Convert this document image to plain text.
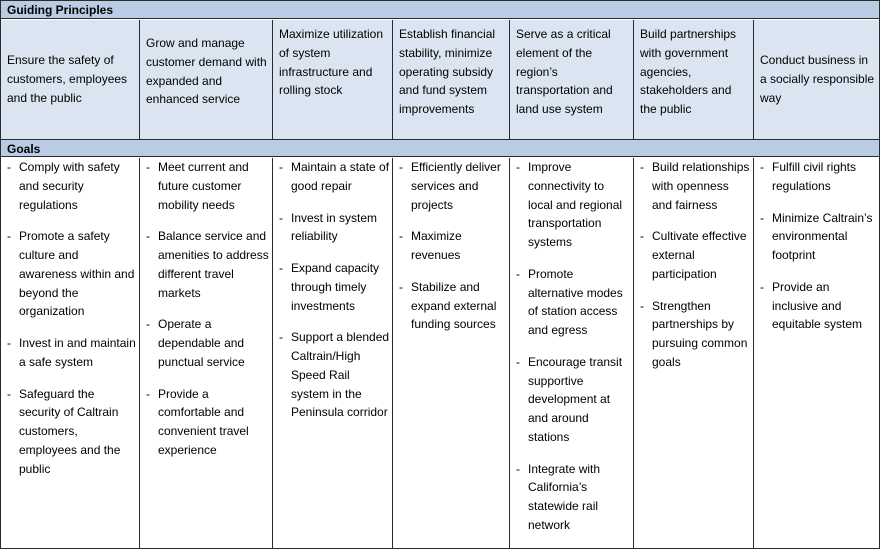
Guiding Principles
Ensure the safety of customers, employees and the public
Grow and manage customer demand with expanded and enhanced service
Maximize utilization of system infrastructure and rolling stock
Establish financial stability, minimize operating subsidy and fund system improvements
Serve as a critical element of the region’s transportation and land use system
Build partnerships with government agencies, stakeholders and the public
Conduct business in a socially responsible way
Goals
- Comply with safety and security regulations
- Promote a safety culture and awareness within and beyond the organization
- Invest in and maintain a safe system
- Safeguard the security of Caltrain customers, employees and the public
- Meet current and future customer mobility needs
- Balance service and amenities to address different travel markets
- Operate a dependable and punctual service
- Provide a comfortable and convenient travel experience
- Maintain a state of good repair
- Invest in system reliability
- Expand capacity through timely investments
- Support a blended Caltrain/High Speed Rail system in the Peninsula corridor
- Efficiently deliver services and projects
- Maximize revenues
- Stabilize and expand external funding sources
- Improve connectivity to local and regional transportation systems
- Promote alternative modes of station access and egress
- Encourage transit supportive development at and around stations
- Integrate with California’s statewide rail network
- Build relationships with openness and fairness
- Cultivate effective external participation
- Strengthen partnerships by pursuing common goals
- Fulfill civil rights regulations
- Minimize Caltrain’s environmental footprint
- Provide an inclusive and equitable system
